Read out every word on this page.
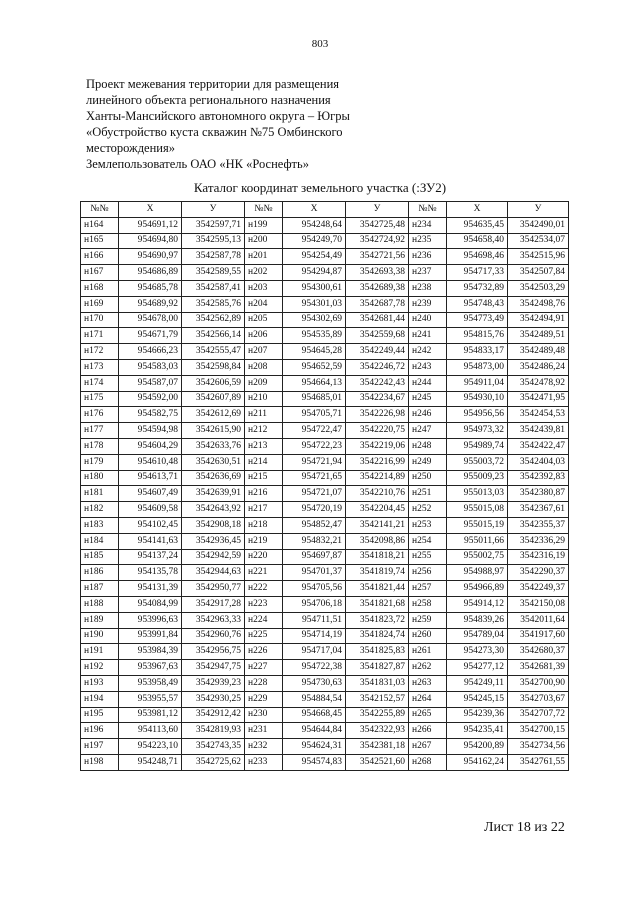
803
Проект межевания территории для размещения
линейного объекта регионального назначения
Ханты-Мансийского автономного округа – Югры
«Обустройство куста скважин №75 Омбинского
месторождения»
Землепользователь ОАО «НК «Роснефть»
Каталог координат земельного участка (:ЗУ2)
№№	X	У	№№	X	У	№№	X	У
н164	954691,12	3542597,71	н199	954248,64	3542725,48	н234	954635,45	3542490,01
н165	954694,80	3542595,13	н200	954249,70	3542724,92	н235	954658,40	3542534,07
н166	954690,97	3542587,78	н201	954254,49	3542721,56	н236	954698,46	3542515,96
н167	954686,89	3542589,55	н202	954294,87	3542693,38	н237	954717,33	3542507,84
н168	954685,78	3542587,41	н203	954300,61	3542689,38	н238	954732,89	3542503,29
н169	954689,92	3542585,76	н204	954301,03	3542687,78	н239	954748,43	3542498,76
н170	954678,00	3542562,89	н205	954302,69	3542681,44	н240	954773,49	3542494,91
н171	954671,79	3542566,14	н206	954535,89	3542559,68	н241	954815,76	3542489,51
н172	954666,23	3542555,47	н207	954645,28	3542249,44	н242	954833,17	3542489,48
н173	954583,03	3542598,84	н208	954652,59	3542246,72	н243	954873,00	3542486,24
н174	954587,07	3542606,59	н209	954664,13	3542242,43	н244	954911,04	3542478,92
н175	954592,00	3542607,89	н210	954685,01	3542234,67	н245	954930,10	3542471,95
н176	954582,75	3542612,69	н211	954705,71	3542226,98	н246	954956,56	3542454,53
н177	954594,98	3542615,90	н212	954722,47	3542220,75	н247	954973,32	3542439,81
н178	954604,29	3542633,76	н213	954722,23	3542219,06	н248	954989,74	3542422,47
н179	954610,48	3542630,51	н214	954721,94	3542216,99	н249	955003,72	3542404,03
н180	954613,71	3542636,69	н215	954721,65	3542214,89	н250	955009,23	3542392,83
н181	954607,49	3542639,91	н216	954721,07	3542210,76	н251	955013,03	3542380,87
н182	954609,58	3542643,92	н217	954720,19	3542204,45	н252	955015,08	3542367,61
н183	954102,45	3542908,18	н218	954852,47	3542141,21	н253	955015,19	3542355,37
н184	954141,63	3542936,45	н219	954832,21	3542098,86	н254	955011,66	3542336,29
н185	954137,24	3542942,59	н220	954697,87	3541818,21	н255	955002,75	3542316,19
н186	954135,78	3542944,63	н221	954701,37	3541819,74	н256	954988,97	3542290,37
н187	954131,39	3542950,77	н222	954705,56	3541821,44	н257	954966,89	3542249,37
н188	954084,99	3542917,28	н223	954706,18	3541821,68	н258	954914,12	3542150,08
н189	953996,63	3542963,33	н224	954711,51	3541823,72	н259	954839,26	3542011,64
н190	953991,84	3542960,76	н225	954714,19	3541824,74	н260	954789,04	3541917,60
н191	953984,39	3542956,75	н226	954717,04	3541825,83	н261	954273,30	3542680,37
н192	953967,63	3542947,75	н227	954722,38	3541827,87	н262	954277,12	3542681,39
н193	953958,49	3542939,23	н228	954730,63	3541831,03	н263	954249,11	3542700,90
н194	953955,57	3542930,25	н229	954884,54	3542152,57	н264	954245,15	3542703,67
н195	953981,12	3542912,42	н230	954668,45	3542255,89	н265	954239,36	3542707,72
н196	954113,60	3542819,93	н231	954644,84	3542322,93	н266	954235,41	3542700,15
н197	954223,10	3542743,35	н232	954624,31	3542381,18	н267	954200,89	3542734,56
н198	954248,71	3542725,62	н233	954574,83	3542521,60	н268	954162,24	3542761,55
Лист 18 из 22
